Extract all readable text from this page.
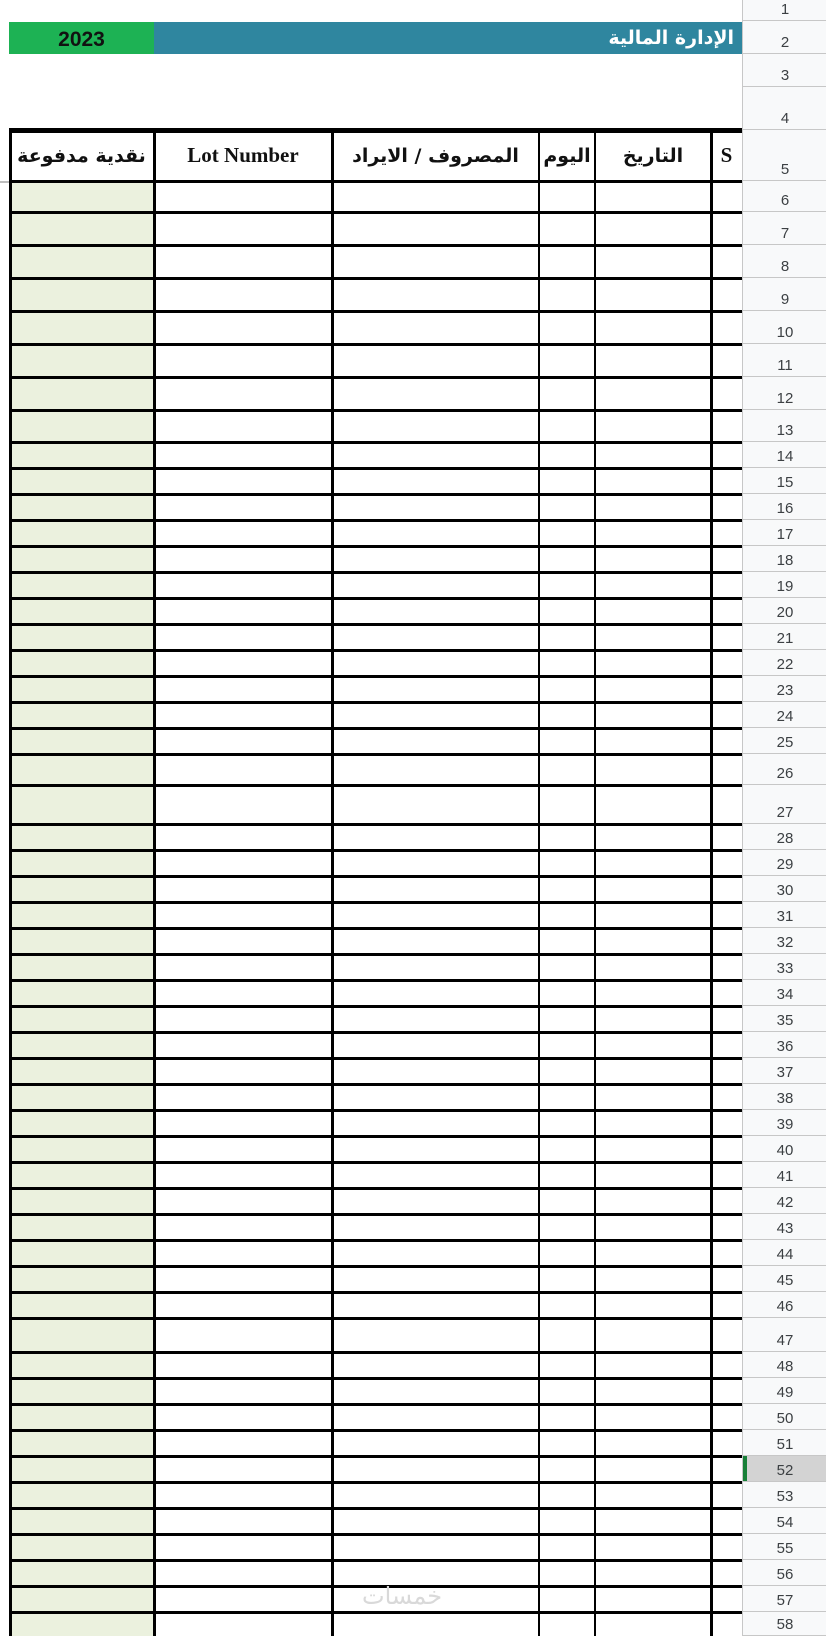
2023	الإدارة المالية
نقدية مدفوعة	Lot Number	المصروف / الايراد	اليوم	التاريخ	S
خمسات
1
2
3
4
5
6
7
8
9
10
11
12
13
14
15
16
17
18
19
20
21
22
23
24
25
26
27
28
29
30
31
32
33
34
35
36
37
38
39
40
41
42
43
44
45
46
47
48
49
50
51
52
53
54
55
56
57
58
